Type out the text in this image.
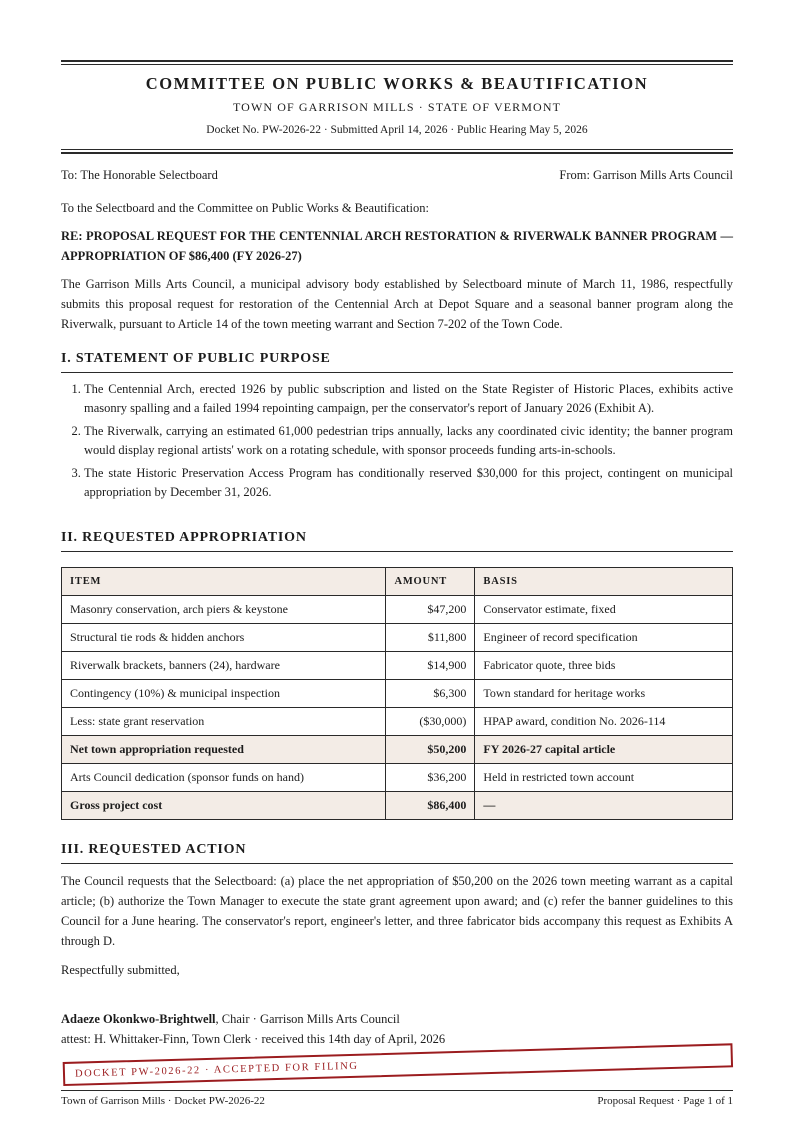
COMMITTEE ON PUBLIC WORKS & BEAUTIFICATION
TOWN OF GARRISON MILLS · STATE OF VERMONT
Docket No. PW-2026-22 · Submitted April 14, 2026 · Public Hearing May 5, 2026
To: The Honorable Selectboard	From: Garrison Mills Arts Council
To the Selectboard and the Committee on Public Works & Beautification:
RE: PROPOSAL REQUEST FOR THE CENTENNIAL ARCH RESTORATION & RIVERWALK BANNER PROGRAM — APPROPRIATION OF $86,400 (FY 2026-27)
The Garrison Mills Arts Council, a municipal advisory body established by Selectboard minute of March 11, 1986, respectfully submits this proposal request for restoration of the Centennial Arch at Depot Square and a seasonal banner program along the Riverwalk, pursuant to Article 14 of the town meeting warrant and Section 7-202 of the Town Code.
I. STATEMENT OF PUBLIC PURPOSE
1. The Centennial Arch, erected 1926 by public subscription and listed on the State Register of Historic Places, exhibits active masonry spalling and a failed 1994 repointing campaign, per the conservator's report of January 2026 (Exhibit A).
2. The Riverwalk, carrying an estimated 61,000 pedestrian trips annually, lacks any coordinated civic identity; the banner program would display regional artists' work on a rotating schedule, with sponsor proceeds funding arts-in-schools.
3. The state Historic Preservation Access Program has conditionally reserved $30,000 for this project, contingent on municipal appropriation by December 31, 2026.
II. REQUESTED APPROPRIATION
ITEM	AMOUNT	BASIS
Masonry conservation, arch piers & keystone	$47,200	Conservator estimate, fixed
Structural tie rods & hidden anchors	$11,800	Engineer of record specification
Riverwalk brackets, banners (24), hardware	$14,900	Fabricator quote, three bids
Contingency (10%) & municipal inspection	$6,300	Town standard for heritage works
Less: state grant reservation	($30,000)	HPAP award, condition No. 2026-114
Net town appropriation requested	$50,200	FY 2026-27 capital article
Arts Council dedication (sponsor funds on hand)	$36,200	Held in restricted town account
Gross project cost	$86,400	—
III. REQUESTED ACTION
The Council requests that the Selectboard: (a) place the net appropriation of $50,200 on the 2026 town meeting warrant as a capital article; (b) authorize the Town Manager to execute the state grant agreement upon award; and (c) refer the banner guidelines to this Council for a June hearing. The conservator's report, engineer's letter, and three fabricator bids accompany this request as Exhibits A through D.
Respectfully submitted,
Adaeze Okonkwo-Brightwell, Chair · Garrison Mills Arts Council
attest: H. Whittaker-Finn, Town Clerk · received this 14th day of April, 2026
DOCKET PW-2026-22 · ACCEPTED FOR FILING
Town of Garrison Mills · Docket PW-2026-22	Proposal Request · Page 1 of 1
